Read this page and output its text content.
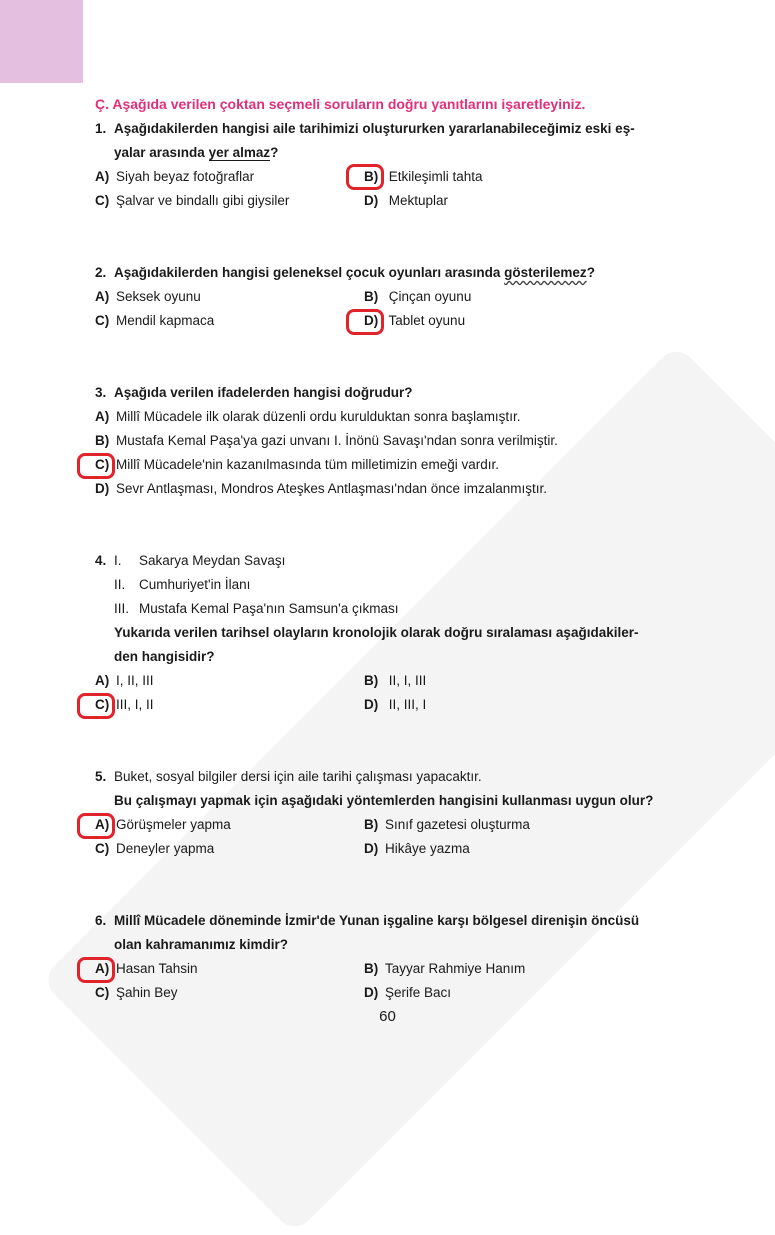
Ç. Aşağıda verilen çoktan seçmeli soruların doğru yanıtlarını işaretleyiniz.
1. Aşağıdakilerden hangisi aile tarihimizi oluştururken yararlanabileceğimiz eski eş-
yalar arasında yer almaz?
A) Siyah beyaz fotoğraflar	B) Etkileşimli tahta
C) Şalvar ve bindallı gibi giysiler	D) Mektuplar
2. Aşağıdakilerden hangisi geleneksel çocuk oyunları arasında gösterilemez?
A) Seksek oyunu	B) Çinçan oyunu
C) Mendil kapmaca	D) Tablet oyunu
3. Aşağıda verilen ifadelerden hangisi doğrudur?
A) Millî Mücadele ilk olarak düzenli ordu kurulduktan sonra başlamıştır.
B) Mustafa Kemal Paşa'ya gazi unvanı I. İnönü Savaşı'ndan sonra verilmiştir.
C) Millî Mücadele'nin kazanılmasında tüm milletimizin emeği vardır.
D) Sevr Antlaşması, Mondros Ateşkes Antlaşması'ndan önce imzalanmıştır.
4. I. Sakarya Meydan Savaşı
II. Cumhuriyet'in İlanı
III. Mustafa Kemal Paşa'nın Samsun'a çıkması
Yukarıda verilen tarihsel olayların kronolojik olarak doğru sıralaması aşağıdakiler-
den hangisidir?
A) I, II, III	B) II, I, III
C) III, I, II	D) II, III, I
5. Buket, sosyal bilgiler dersi için aile tarihi çalışması yapacaktır.
Bu çalışmayı yapmak için aşağıdaki yöntemlerden hangisini kullanması uygun olur?
A) Görüşmeler yapma	B) Sınıf gazetesi oluşturma
C) Deneyler yapma	D) Hikâye yazma
6. Millî Mücadele döneminde İzmir'de Yunan işgaline karşı bölgesel direnişin öncüsü
olan kahramanımız kimdir?
A) Hasan Tahsin	B) Tayyar Rahmiye Hanım
C) Şahin Bey	D) Şerife Bacı
60
